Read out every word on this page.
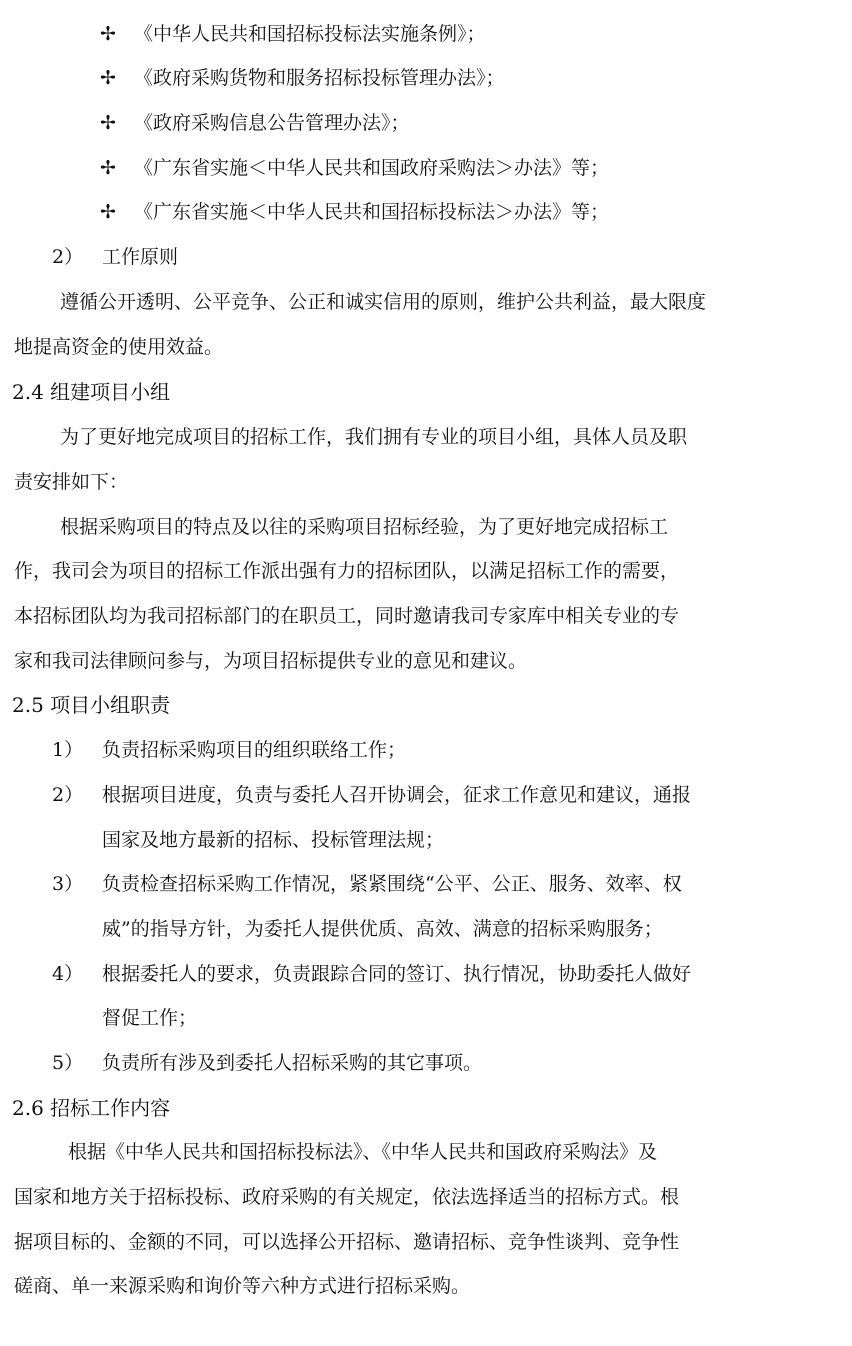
✢ 《中华人民共和国招标投标法实施条例》；
✢ 《政府采购货物和服务招标投标管理办法》；
✢ 《政府采购信息公告管理办法》；
✢ 《广东省实施＜中华人民共和国政府采购法＞办法》等；
✢ 《广东省实施＜中华人民共和国招标投标法＞办法》等；
2） 工作原则
遵循公开透明、公平竞争、公正和诚实信用的原则，维护公共利益，最大限度
地提高资金的使用效益。
2.4 组建项目小组
为了更好地完成项目的招标工作，我们拥有专业的项目小组，具体人员及职
责安排如下：
根据采购项目的特点及以往的采购项目招标经验，为了更好地完成招标工
作，我司会为项目的招标工作派出强有力的招标团队，以满足招标工作的需要，
本招标团队均为我司招标部门的在职员工，同时邀请我司专家库中相关专业的专
家和我司法律顾问参与，为项目招标提供专业的意见和建议。
2.5 项目小组职责
1） 负责招标采购项目的组织联络工作；
2） 根据项目进度，负责与委托人召开协调会，征求工作意见和建议，通报
国家及地方最新的招标、投标管理法规；
3） 负责检查招标采购工作情况，紧紧围绕“公平、公正、服务、效率、权
威”的指导方针，为委托人提供优质、高效、满意的招标采购服务；
4） 根据委托人的要求，负责跟踪合同的签订、执行情况，协助委托人做好
督促工作；
5） 负责所有涉及到委托人招标采购的其它事项。
2.6 招标工作内容
根据《中华人民共和国招标投标法》、《中华人民共和国政府采购法》及
国家和地方关于招标投标、政府采购的有关规定，依法选择适当的招标方式。根
据项目标的、金额的不同，可以选择公开招标、邀请招标、竞争性谈判、竞争性
磋商、单一来源采购和询价等六种方式进行招标采购。
